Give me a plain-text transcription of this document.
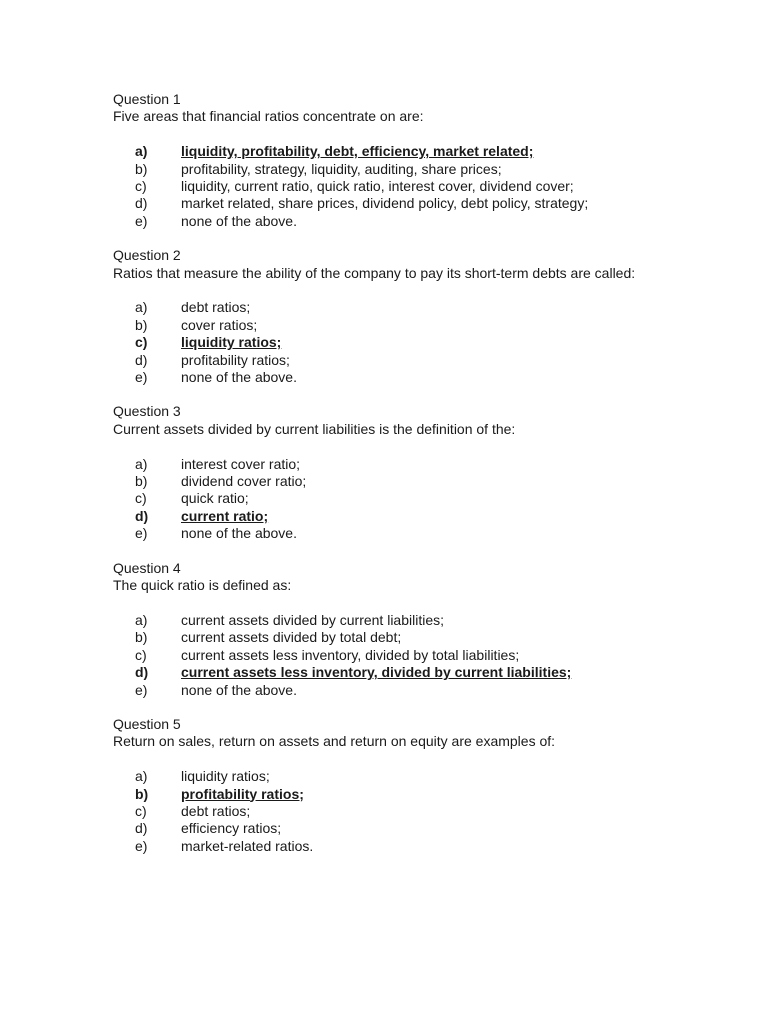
Question 1
Five areas that financial ratios concentrate on are:
a) liquidity, profitability, debt, efficiency, market related;
b) profitability, strategy, liquidity, auditing, share prices;
c) liquidity, current ratio, quick ratio, interest cover, dividend cover;
d) market related, share prices, dividend policy, debt policy, strategy;
e) none of the above.
Question 2
Ratios that measure the ability of the company to pay its short-term debts are called:
a) debt ratios;
b) cover ratios;
c) liquidity ratios;
d) profitability ratios;
e) none of the above.
Question 3
Current assets divided by current liabilities is the definition of the:
a) interest cover ratio;
b) dividend cover ratio;
c) quick ratio;
d) current ratio;
e) none of the above.
Question 4
The quick ratio is defined as:
a) current assets divided by current liabilities;
b) current assets divided by total debt;
c) current assets less inventory, divided by total liabilities;
d) current assets less inventory, divided by current liabilities;
e) none of the above.
Question 5
Return on sales, return on assets and return on equity are examples of:
a) liquidity ratios;
b) profitability ratios;
c) debt ratios;
d) efficiency ratios;
e) market-related ratios.
